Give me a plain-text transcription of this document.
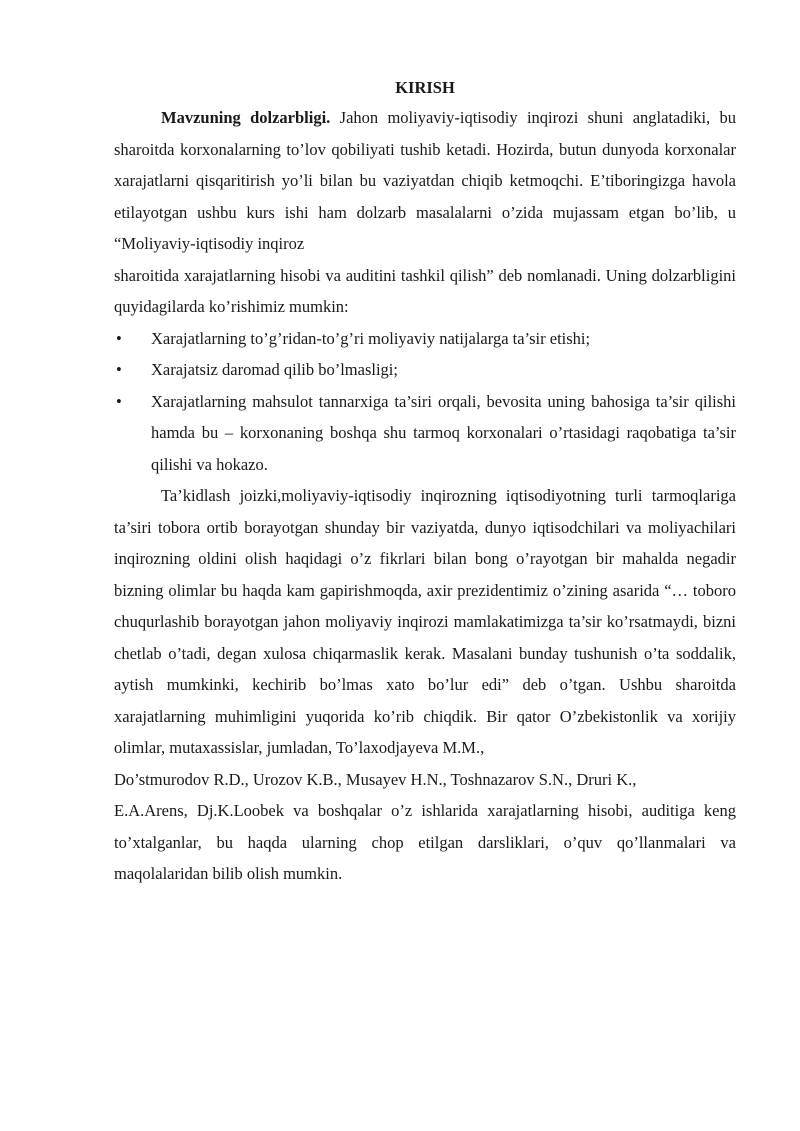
KIRISH

Mavzuning dolzarbligi. Jahon moliyaviy-iqtisodiy inqirozi shuni anglatadiki, bu sharoitda korxonalarning to’lov qobiliyati tushib ketadi. Hozirda, butun dunyoda korxonalar xarajatlarni qisqaritirish yo’li bilan bu vaziyatdan chiqib ketmoqchi. E’tiboringizga havola etilayotgan ushbu kurs ishi ham dolzarb masalalarni o’zida mujassam etgan bo’lib, u “Moliyaviy-iqtisodiy inqiroz

sharoitida xarajatlarning hisobi va auditini tashkil qilish” deb nomlanadi. Uning dolzarbligini quyidagilarda ko’rishimiz mumkin:

• Xarajatlarning to’g’ridan-to’g’ri moliyaviy natijalarga ta’sir etishi;
• Xarajatsiz daromad qilib bo’lmasligi;
• Xarajatlarning mahsulot tannarxiga ta’siri orqali, bevosita uning bahosiga ta’sir qilishi hamda bu – korxonaning boshqa shu tarmoq korxonalari o’rtasidagi raqobatiga ta’sir qilishi va hokazo.

Ta’kidlash joizki,moliyaviy-iqtisodiy inqirozning iqtisodiyotning turli tarmoqlariga ta’siri tobora ortib borayotgan shunday bir vaziyatda, dunyo iqtisodchilari va moliyachilari inqirozning oldini olish haqidagi o’z fikrlari bilan bong o’rayotgan bir mahalda negadir bizning olimlar bu haqda kam gapirishmoqda, axir prezidentimiz o’zining asarida “… toboro chuqurlashib borayotgan jahon moliyaviy inqirozi mamlakatimizga ta’sir ko’rsatmaydi, bizni chetlab o’tadi, degan xulosa chiqarmaslik kerak. Masalani bunday tushunish o’ta soddalik, aytish mumkinki, kechirib bo’lmas xato bo’lur edi” deb o’tgan. Ushbu sharoitda xarajatlarning muhimligini yuqorida ko’rib chiqdik. Bir qator O’zbekistonlik va xorijiy olimlar, mutaxassislar, jumladan, To’laxodjayeva M.M.,

Do’stmurodov R.D., Urozov K.B., Musayev H.N., Toshnazarov S.N., Druri K.,

E.A.Arens, Dj.K.Loobek va boshqalar o’z ishlarida xarajatlarning hisobi, auditiga keng to’xtalganlar, bu haqda ularning chop etilgan darsliklari, o’quv qo’llanmalari va maqolalaridan bilib olish mumkin.
